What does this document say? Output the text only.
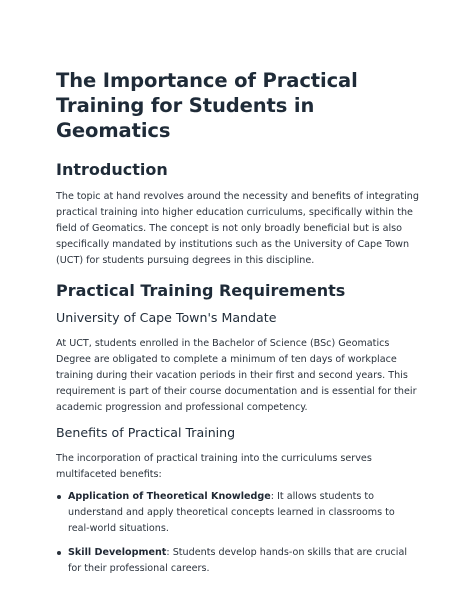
The Importance of Practical Training for Students in Geomatics
Introduction

The topic at hand revolves around the necessity and benefits of integrating practical training into higher education curriculums, specifically within the field of Geomatics. The concept is not only broadly beneficial but is also specifically mandated by institutions such as the University of Cape Town (UCT) for students pursuing degrees in this discipline.

Practical Training Requirements
University of Cape Town's Mandate

At UCT, students enrolled in the Bachelor of Science (BSc) Geomatics Degree are obligated to complete a minimum of ten days of workplace training during their vacation periods in their first and second years. This requirement is part of their course documentation and is essential for their academic progression and professional competency.

Benefits of Practical Training

The incorporation of practical training into the curriculums serves multifaceted benefits:

Application of Theoretical Knowledge: It allows students to understand and apply theoretical concepts learned in classrooms to real-world situations.
Skill Development: Students develop hands-on skills that are crucial for their professional careers.
